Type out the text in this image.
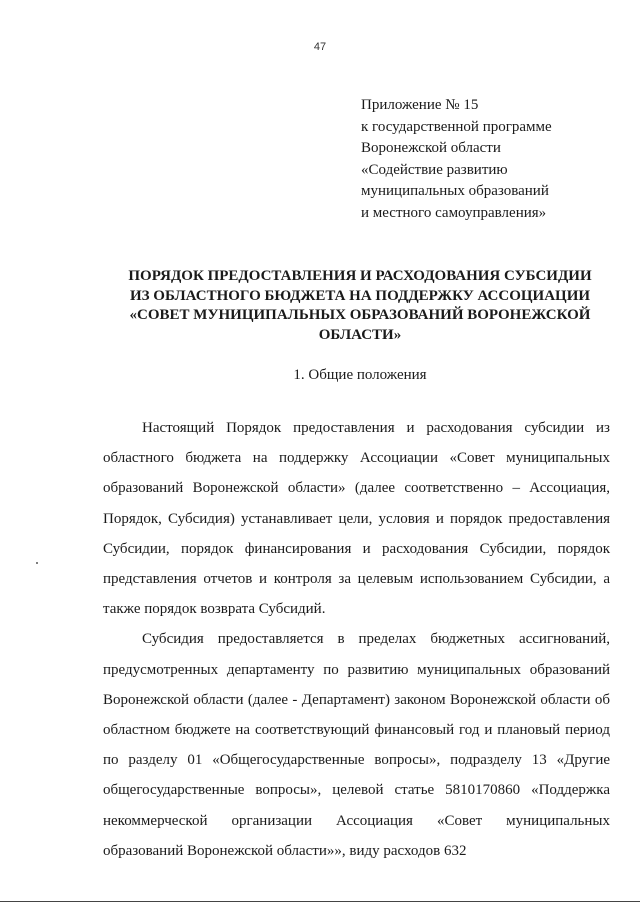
47
Приложение № 15
к государственной программе
Воронежской области
«Содействие развитию
муниципальных образований
и местного самоуправления»
ПОРЯДОК ПРЕДОСТАВЛЕНИЯ И РАСХОДОВАНИЯ СУБСИДИИ
ИЗ ОБЛАСТНОГО БЮДЖЕТА НА ПОДДЕРЖКУ АССОЦИАЦИИ
«СОВЕТ МУНИЦИПАЛЬНЫХ ОБРАЗОВАНИЙ ВОРОНЕЖСКОЙ
ОБЛАСТИ»
1. Общие положения

Настоящий Порядок предоставления и расходования субсидии из областного бюджета на поддержку Ассоциации «Совет муниципальных образований Воронежской области» (далее соответственно – Ассоциация, Порядок, Субсидия) устанавливает цели, условия и порядок предоставления Субсидии, порядок финансирования и расходования Субсидии, порядок представления отчетов и контроля за целевым использованием Субсидии, а также порядок возврата Субсидий.

Субсидия предоставляется в пределах бюджетных ассигнований, предусмотренных департаменту по развитию муниципальных образований Воронежской области (далее - Департамент) законом Воронежской области об областном бюджете на соответствующий финансовый год и плановый период по разделу 01 «Общегосударственные вопросы», подразделу 13 «Другие общегосударственные вопросы», целевой статье 5810170860 «Поддержка некоммерческой организации Ассоциация «Совет муниципальных образований Воронежской области»», виду расходов 632
